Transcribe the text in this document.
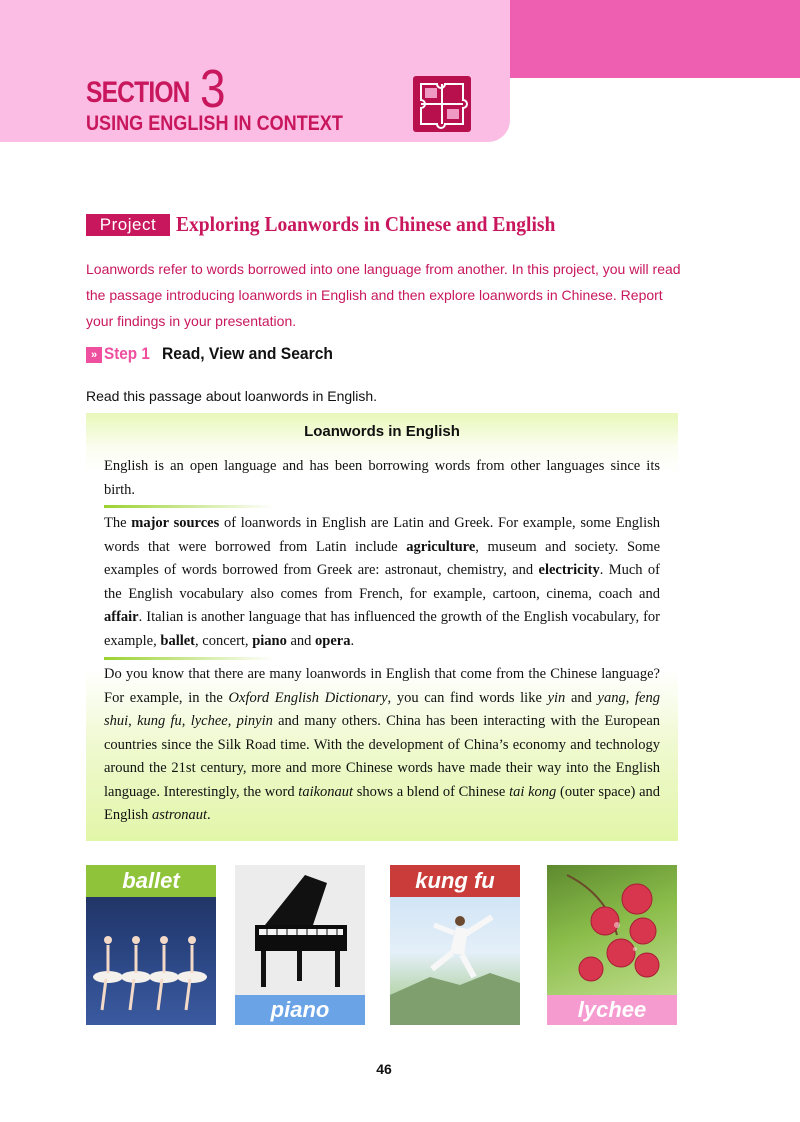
SECTION 3
USING ENGLISH IN CONTEXT
Project Exploring Loanwords in Chinese and English

Loanwords refer to words borrowed into one language from another. In this project, you will read the passage introducing loanwords in English and then explore loanwords in Chinese. Report your findings in your presentation.

» Step 1 Read, View and Search
Read this passage about loanwords in English.
Loanwords in English

English is an open language and has been borrowing words from other languages since its birth.

The major sources of loanwords in English are Latin and Greek. For example, some English words that were borrowed from Latin include agriculture, museum and society. Some examples of words borrowed from Greek are: astronaut, chemistry, and electricity. Much of the English vocabulary also comes from French, for example, cartoon, cinema, coach and affair. Italian is another language that has influenced the growth of the English vocabulary, for example, ballet, concert, piano and opera.

Do you know that there are many loanwords in English that come from the Chinese language? For example, in the Oxford English Dictionary, you can find words like yin and yang, feng shui, kung fu, lychee, pinyin and many others. China has been interacting with the European countries since the Silk Road time. With the development of China’s economy and technology around the 21st century, more and more Chinese words have made their way into the English language. Interestingly, the word taikonaut shows a blend of Chinese tai kong (outer space) and English astronaut.

ballet
piano
kung fu
lychee
46
